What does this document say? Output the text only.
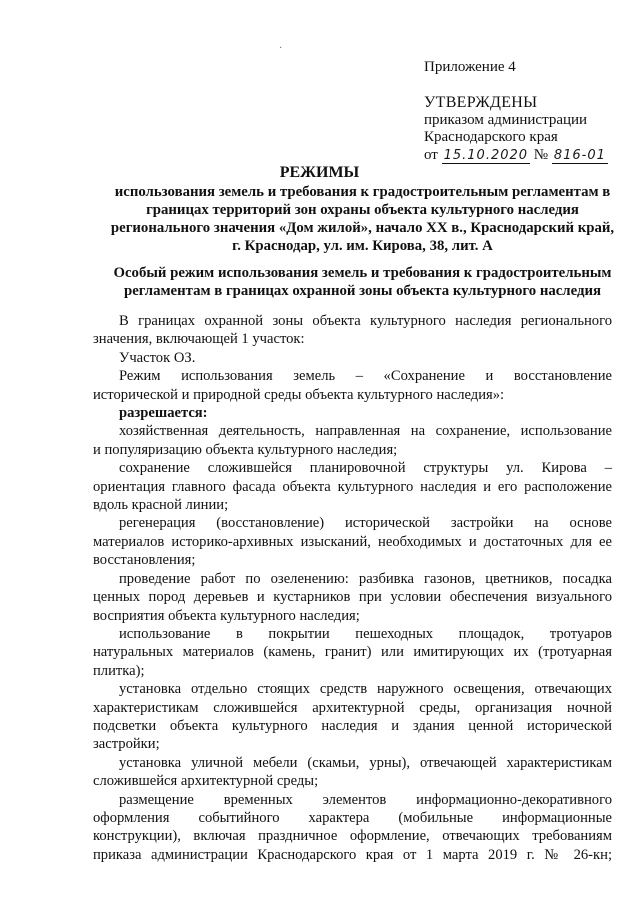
·
Приложение 4
УТВЕРЖДЕНЫ
приказом администрации
Краснодарского края
от 15.10.2020 № 816-01
РЕЖИМЫ
использования земель и требования к градостроительным регламентам в
границах территорий зон охраны объекта культурного наследия
регионального значения «Дом жилой», начало XX в., Краснодарский край,
г. Краснодар, ул. им. Кирова, 38, лит. А
Особый режим использования земель и требования к градостроительным
регламентам в границах охранной зоны объекта культурного наследия
В границах охранной зоны объекта культурного наследия регионального
значения, включающей 1 участок:
Участок ОЗ.
Режим использования земель – «Сохранение и восстановление
исторической и природной среды объекта культурного наследия»:
разрешается:
хозяйственная деятельность, направленная на сохранение, использование
и популяризацию объекта культурного наследия;
сохранение сложившейся планировочной структуры ул. Кирова –
ориентация главного фасада объекта культурного наследия и его расположение
вдоль красной линии;
регенерация (восстановление) исторической застройки на основе
материалов историко-архивных изысканий, необходимых и достаточных для ее
восстановления;
проведение работ по озеленению: разбивка газонов, цветников, посадка
ценных пород деревьев и кустарников при условии обеспечения визуального
восприятия объекта культурного наследия;
использование в покрытии пешеходных площадок, тротуаров
натуральных материалов (камень, гранит) или имитирующих их (тротуарная
плитка);
установка отдельно стоящих средств наружного освещения, отвечающих
характеристикам сложившейся архитектурной среды, организация ночной
подсветки объекта культурного наследия и здания ценной исторической
застройки;
установка уличной мебели (скамьи, урны), отвечающей характеристикам
сложившейся архитектурной среды;
размещение временных элементов информационно-декоративного
оформления событийного характера (мобильные информационные
конструкции), включая праздничное оформление, отвечающих требованиям
приказа администрации Краснодарского края от 1 марта 2019 г. № 26-кн;
